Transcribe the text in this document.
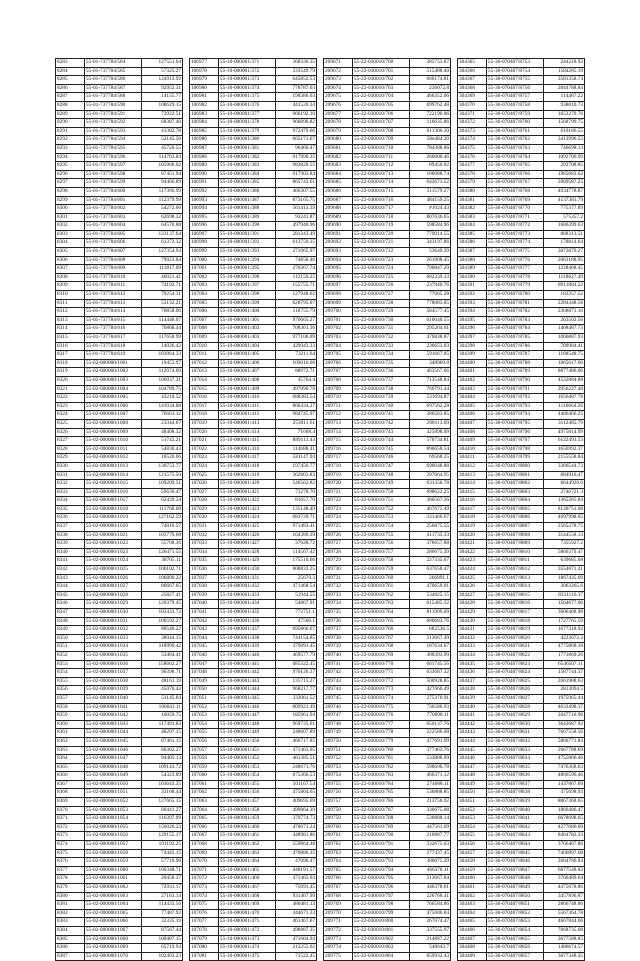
8283	55-01-737784/584	127551.64
8284	55-01-737784/585	57325.27
8285	55-01-737784/586	124913.92
8286	55-01-737784/587	92952.31
8287	55-01-737784/588	14155.77
8288	55-01-737784/590	108629.15
8289	55-01-737784/591	73922.51
8290	55-01-737784/592	68387.40
8291	55-01-737784/593	41382.78
8292	55-01-737784/594	52145.56
8293	55-01-737784/595	45720.55
8294	55-01-737784/596	114763.84
8295	55-01-737784/597	105966.02
8296	55-01-737784/598	87451.94
8297	55-01-737784/599	94466.89
8298	55-01-737784/600	117366.99
8299	55-01-737784/601	112379.99
8300	55-01-737784/602	54272.66
8301	55-01-737784/603	62698.32
8302	55-01-737784/604	64570.88
8303	55-01-737784/605	123137.64
8304	55-01-737784/606	61372.32
8305	55-01-737784/607	127354.94
8306	55-01-737784/608	79923.84
8307	55-01-737784/609	111817.09
8308	55-01-737784/610	46021.41
8309	55-01-737784/611	74192.71
8310	55-01-737784/612	79254.31
8311	55-01-737784/613	53132.21
8312	55-01-737784/614	70858.06
8313	55-01-737784/615	114448.07
8314	55-01-737784/616	76868.44
8315	55-01-737784/617	117658.99
8316	55-01-737784/618	14026.42
8317	55-01-737784/619	103964.33
8318	55-02-000000/1001	19453.97
8319	55-02-000000/1002	112074.69
8320	55-02-000000/1003	106937.31
8321	55-02-000000/1004	104789.75
8322	55-02-000000/1005	43210.52
8323	55-02-000000/1006	141034.88
8324	55-02-000000/1007	76663.12
8325	55-02-000000/1008	23344.67
8326	55-02-000000/1009	48408.32
8327	55-02-000000/1010	51742.21
8328	55-02-000000/1011	54830.43
8329	55-02-000000/1012	16520.06
8330	55-02-000000/1013	130753.77
8331	55-02-000000/1014	121575.50
8332	55-02-000000/1015	109209.51
8333	55-02-000000/1016	59630.47
8334	55-02-000000/1017	62439.34
8335	55-02-000000/1018	111768.68
8336	55-02-000000/1019	127162.59
8337	55-02-000000/1020	74816.57
8338	55-02-000000/1021	103779.68
8339	55-02-000000/1022	55708.36
8340	55-02-000000/1023	126471.55
8341	55-02-000000/1024	38705.11
8342	55-02-000000/1025	106102.71
8343	55-02-000000/1026	106800.22
8344	55-02-000000/1027	86667.65
8345	55-02-000000/1028	25827.41
8346	55-02-000000/1029	120379.45
8347	55-02-000000/1030	103433.72
8348	55-02-000000/1031	106592.27
8349	55-02-000000/1032	80540.22
8350	55-02-000000/1033	38044.15
8351	55-02-000000/1034	118999.42
8352	55-02-000000/1035	53484.41
8353	55-02-000000/1036	158662.27
8354	55-02-000000/1037	96398.71
8355	55-02-000000/1038	48161.19
8356	55-02-000000/1039	45076.43
8357	55-02-000000/1040	51145.84
8358	55-02-000000/1041	106641.11
8359	55-02-000000/1042	16059.75
8360	55-02-000000/1043	117491.83
8361	55-02-000000/1044	48297.15
8362	55-02-000000/1045	87461.15
8363	55-02-000000/1046	80362.27
8364	55-02-000000/1047	94405.13
8365	55-02-000000/1048	109143.72
8366	55-02-000000/1049	54323.89
8367	55-02-000000/1050	103643.35
8368	55-02-000000/1051	33168.44
8369	55-02-000000/1052	127665.15
8370	55-02-000000/1053	80441.27
8371	55-02-000000/1054	116397.99
8372	55-02-000000/1055	156026.33
8373	55-02-000000/1056	129155.17
8374	55-02-000000/1057	101192.25
8375	55-02-000000/1058	74445.15
8376	55-02-000000/1059	57716.96
8377	55-02-000000/1060	100348.71
8378	55-02-000000/1061	20458.37
8379	55-02-000000/1062	72931.17
8380	55-02-000000/1063	27163.14
8381	55-02-000000/1064	114433.56
8382	55-02-000000/1065	77487.92
8383	55-02-000000/1066	32335.19
8384	55-02-000000/1067	87567.44
8385	55-02-000000/1068	100487.15
8386	55-02-000000/1069	65719.94
8387	55-02-000000/1070	102463.23
106977	55-10-000001/371	368336.35
106978	55-10-000001/372	333549.79
106979	55-10-000001/373	645852.53
106980	55-10-000001/374	778787.03
106981	55-10-000001/375	198386.03
106982	55-10-000001/376	441520.34
106983	55-10-000001/377	966192.10
106984	55-10-000001/378	966890.82
106985	55-10-000001/379	972479.66
106986	55-10-000001/380	665171.67
106987	55-10-000001/381	96460.47
106988	55-10-000001/382	917990.35
106989	55-10-000001/383	983820.55
106990	55-10-000001/384	917903.84
106991	55-10-000001/385	865743.61
106992	55-10-000001/386	466307.55
106993	55-10-000001/387	873165.75
106994	55-10-000001/388	561413.39
106995	55-10-000001/389	93241.87
106996	55-10-000001/390	497940.96
106997	55-10-000001/391	281343.49
106998	55-10-000001/392	613759.35
106999	55-10-000001/393	271065.97
107000	55-10-000001/394	74858.46
107001	55-10-000001/395	270367.74
107002	55-10-000001/396	112159.25
107003	55-10-000001/397	155755.71
107004	55-10-000001/398	127948.02
107005	55-10-000001/399	628795.07
107006	55-10-000001/400	118755.79
107007	55-10-000001/401	970665.27
107008	55-10-000001/402	708361.36
107009	55-10-000001/403	977106.09
107010	55-10-000001/404	429943.23
107011	55-10-000001/405	73211.64
107012	55-10-000001/406	109016.08
107013	55-10-000001/407	88972.71
107014	55-10-000001/408	45764.4
107015	55-10-000001/409	497890.78
107016	55-10-000001/410	688383.54
107017	55-10-000001/411	866434.27
107018	55-10-000001/412	984745.97
107019	55-10-000001/413	253011.61
107020	55-10-000001/414	71668.4
107021	55-10-000001/415	889113.43
107022	55-10-000001/416	114688.41
107023	55-10-000001/417	581147.94
107024	55-10-000001/418	197456.77
107025	55-10-000001/419	362803.83
107026	55-10-000001/420	546562.82
107027	55-10-000001/421	71278.70
107028	55-10-000001/422	81657.70
107029	55-10-000001/423	135148.49
107030	55-10-000001/424	683739.71
107031	55-10-000001/425	971483.41
107032	55-10-000001/426	164389.29
107033	55-10-000001/427	37628.72
107034	55-10-000001/428	114567.42
107035	55-10-000001/429	175510.66
107036	55-10-000001/430	808833.25
107037	55-10-000001/431	25670.3
107038	55-10-000001/432	471468.54
107039	55-10-000001/433	51944.55
107040	55-10-000001/434	54867.91
107041	55-10-000001/435	772751.1
107042	55-10-000001/436	47566.1
107043	55-10-000001/437	695866.67
107044	55-10-000001/438	744154.85
107045	55-10-000001/439	379091.45
107046	55-10-000001/440	469577.79
107047	55-10-000001/441	685322.45
107048	55-10-000001/442	970126.37
107049	55-10-000001/443	135715.27
107050	55-10-000001/444	968217.77
107051	55-10-000001/445	332061.52
107052	55-10-000001/446	809921.49
107053	55-10-000001/447	185961.94
107054	55-10-000001/448	969735.61
107055	55-10-000001/449	248607.89
107056	55-10-000001/450	466717.85
107057	55-10-000001/451	471463.05
107058	55-10-000001/452	461385.51
107059	55-10-000001/453	248671.76
107060	55-10-000001/454	875366.53
107061	55-10-000001/455	501167.54
107062	55-10-000001/456	475864.65
107063	55-10-000001/457	409695.69
107064	55-10-000001/458	499864.39
107065	55-10-000001/459	379774.73
107066	55-10-000001/460	470671.24
107067	55-10-000001/461	448981.86
107068	55-10-000001/462	559864.48
107069	55-10-000001/463	470886.35
107070	55-10-000001/464	47096.47
107071	55-10-000001/465	448191.57
107072	55-10-000001/466	471465.03
107073	55-10-000001/467	75091.45
107074	55-10-000001/468	931467.99
107075	55-10-000001/469	486481.13
107076	55-10-000001/470	444671.33
107077	55-10-000001/471	461467.67
107078	55-10-000001/472	498887.35
107079	55-10-000001/473	471664.94
107080	55-10-000001/474	213255.62
107081	55-10-000001/475	71522.45
209671	55-22-030010/700	385753.87
209672	55-22-030010/701	515488.40
209673	55-22-030010/702	660174.81
209674	55-22-030010/703	236072.8
209675	55-22-030010/704	466352.66
209676	55-22-030010/705	699762.48
209677	55-22-030010/706	722190.06
209678	55-22-030010/707	116635.86
209679	55-22-030010/708	611306.30
209680	55-22-030010/709	58e484.20
209681	55-22-030010/710	784388.06
209682	55-22-030010/711	266006.46
209683	55-22-030010/712	89450.02
209684	55-22-030010/713	106088.74
209685	55-22-030010/714	642673.52
209686	55-22-030010/715	511579.27
209687	55-22-030010/716	484159.25
209688	55-22-030010/717	#1024.43
209689	55-22-030010/718	807636.65
209690	55-22-030010/719	598584.96
209691	55-22-030010/720	779014.55
209692	55-22-030010/721	343197.86
209693	55-22-030010/722	53649.39
209694	55-22-030010/723	261808.45
209695	55-22-030010/724	796847.29
209696	55-22-030010/725	682339.33
209697	55-22-030010/726	237940.76
209698	55-22-030010/727	77065.28
209699	55-22-030010/728	778083.85
209700	55-22-030010/729	584577.45
209701	55-22-030010/730	616640.55
209702	55-22-030010/731	295264.61
209703	55-22-030010/732	476838.87
209704	55-22-030010/733	236653.03
209705	55-22-030010/734	591667.05
209706	55-22-030010/735	348969.8
209707	55-22-030010/736	463567.66
209708	55-22-030010/737	713548.84
209709	55-22-030010/738	766791.44
209710	55-22-030010/739	531694.87
209711	55-22-030010/740	697562.28
209712	55-22-030010/741	386563.85
209713	55-22-030010/742	208113.09
209714	55-22-030010/743	425898.99
209715	55-22-030010/744	570734.81
209716	55-22-030010/745	896658.54
209717	55-22-030010/746	69568.25
209718	55-22-030010/747	696648.88
209719	55-22-030010/748	397664.95
209720	55-22-030010/749	631356.78
209721	55-22-030010/750	698622.25
209722	55-22-030010/751	386567.36
209723	55-22-030010/752	467675.49
209724	55-22-030010/753	331466.67
209725	55-22-030010/754	256875.55
209726	55-22-030010/755	411735.33
209727	55-22-030010/756	376657.88
209728	55-22-030010/757	286675.39
209729	55-22-030010/758	227335.07
209730	55-22-030010/759	637658.47
209731	55-22-030010/760	266891.1
209732	55-22-030010/761	470659.01
209733	55-22-030010/762	534825.15
209734	55-22-030010/763	615485.32
209735	55-22-030010/764	811909.09
209736	55-22-030010/765	686683.76
209737	55-22-030010/766	682536.5
209738	55-22-030010/767	513667.49
209739	55-22-030010/768	187634.67
209740	55-22-030010/769	380393.99
209741	55-22-030010/770	661745.56
209742	55-22-030010/771	633687.32
209743	55-22-030010/772	500928.85
209744	55-22-030010/773	427666.49
209745	55-22-030010/774	275376.91
209746	55-22-030010/775	736586.93
209747	55-22-030010/776	770698.11
209748	55-22-030010/777	650137.76
209749	55-22-030010/778	222586.08
209750	55-22-030010/779	477691.99
209751	55-22-030010/780	377463.76
209752	55-22-030010/781	533888.99
209753	55-22-030010/782	598696.78
209754	55-22-030010/783	466371.12
209755	55-22-030010/784	274688.11
209756	55-22-030010/785	536888.85
209757	55-22-030010/786	213756.92
209758	55-22-030010/787	336675.08
209759	55-22-030010/788	536888.14
209760	55-22-030010/789	447561.09
209761	55-22-030010/790	216887.77
209762	55-22-030010/791	332675.63
209763	55-22-030010/792	277437.45
209764	55-22-030010/793	386675.39
209765	55-22-030010/794	466378.11
209766	55-22-030010/795	513667.84
209767	55-22-030010/796	446378.61
209768	55-22-030010/797	226768.41
209769	55-22-030010/798	766584.86
209770	55-22-030010/799	475686.84
209771	55-22-030010/800	267674.47
209772	55-22-030010/801	337555.97
209773	55-22-030010/802	214887.22
209774	55-22-030010/803	548643.7
209775	55-22-030010/804	859932.43
304365	55-36-070407/8753	244218.92
304366	55-36-070407/8754	1584285.19
304367	55-36-070407/8755	3581358.74
304368	55-36-070407/8756	2844788.84
304369	55-36-070407/8757	114487.22
304370	55-36-070407/8758	938010.73
304371	55-36-070407/8759	1653279.76
304372	55-36-070407/8760	1568799.75
304373	55-36-070407/8761	610186.55
304374	55-36-070407/8762	3413996.53
304375	55-36-070407/8763	746698.13
304376	55-36-070407/8764	1092706.99
304377	55-36-070407/8765	293708.85
304378	55-36-070407/8766	1985683.62
304379	55-36-070407/8767	2009587.25
304380	55-36-070407/8768	4934778.87
304381	55-36-070407/8769	4137383.79
304382	55-36-070407/8770	775377.89
304383	55-36-070407/8771	575357.2
304384	55-36-070407/8772	1686399.63
304385	55-36-070407/8773	888313.51
304386	55-36-070407/8774	178814.64
304387	55-36-070407/8775	3073879.27
304388	55-36-070407/8776	2063188.95
304389	55-36-070407/8777	1228468.45
304390	55-36-070407/8778	1118627.49
304391	55-36-070407/8779	8911884.22
304392	55-36-070407/8780	183357.52
304393	55-36-070407/8781	2284348.58
304394	55-36-070407/8782	2368871.16
304395	55-36-070407/8783	263502.56
304396	55-36-070407/8784	1468487.73
304397	55-36-070407/8785	1066887.93
304398	55-36-070407/8786	789984.41
304399	55-36-070407/8787	1188548.75
304400	55-36-070407/8788	1065617.66
304401	55-36-070407/8789	8877486.06
304402	55-36-070407/8790	4532884.88
304403	55-36-070407/8791	2956227.48
304404	55-36-070407/8792	1656487.78
304405	55-36-070407/8793	1116664.26
304406	55-36-070407/8794	4486466.25
304407	55-36-070407/8795	3112485.79
304408	55-36-070407/8796	4975814.99
304409	55-36-070407/8797	6122493.33
304410	55-36-070407/8798	1656992.37
304411	55-36-070407/8799	2155558.84
304412	55-36-070407/8800	3366544.73
304413	55-36-070407/8801	884916.47
304414	55-36-070407/8802	6644926.6
304415	55-36-070407/8803	2746721.3
304416	55-36-070407/8804	1365285.84
304417	55-36-070407/8805	8130751.08
304418	55-36-070407/8806	4697998.05
304419	55-36-070407/8807	2565278.75
304420	55-36-070407/8808	3544558.13
304421	55-36-070407/8809	7355927.2
304422	55-36-070407/8810	5866379.47
304423	55-36-070407/8811	639685.68
304424	55-36-070407/8812	3554871.21
304425	55-36-070407/8813	1867435.69
304426	55-36-070407/8814	3063265.6
304427	55-36-070407/8815	8331116.37
304428	55-36-070407/8816	1564677.66
304429	55-36-070407/8817	3606468.98
304430	55-36-070407/8818	1727765.59
304431	55-36-070407/8819	1677318.92
304432	55-36-070407/8820	4223672.3
304433	55-36-070407/8821	4775868.18
304434	55-36-070407/8822	1771869.26
304435	55-36-070407/8823	6546507.11
304436	55-36-070407/8824	1587744.37
304437	55-36-070407/8825	2661988.63
304438	55-36-070407/8826	2813094.5
304439	55-36-070407/8827	1975965.44
304440	55-36-070407/8828	4633498.37
304441	55-36-070407/8829	2647710.96
304442	55-36-070407/8830	3643687.92
304443	55-36-070407/8831	7667558.56
304444	55-36-070407/8832	5866771.84
304445	55-36-070407/8833	2667788.69
304446	55-36-070407/8834	4755866.46
304447	55-36-070407/8835	7476368.63
304448	55-36-070407/8836	4866596.46
304449	55-36-070407/8837	1437867.69
304450	55-36-070407/8838	475698.93
304451	55-36-070407/8839	8867368.65
304452	55-36-070407/8840	1866486.47
304453	55-36-070407/8841	6678698.65
304454	55-36-070407/8842	4277686.69
304455	55-36-070407/8843	8464783.33
304456	55-36-070407/8844	3766467.86
304457	55-36-070407/8845	7466897.68
304458	55-36-070407/8846	2664786.84
304459	55-36-070407/8847	6877548.82
304460	55-36-070407/8848	3766489.64
304461	55-36-070407/8849	4475678.86
304462	55-36-070407/8850	3457896.87
304463	55-36-070407/8851	2866748.86
304464	55-36-070407/8852	5567364.78
304465	55-36-070407/8853	4667844.66
304466	55-36-070407/8854	7668735.68
304467	55-36-070407/8855	3677588.85
304468	55-36-070407/8856	1486674.57
304469	55-36-070407/8857	3677348.35
